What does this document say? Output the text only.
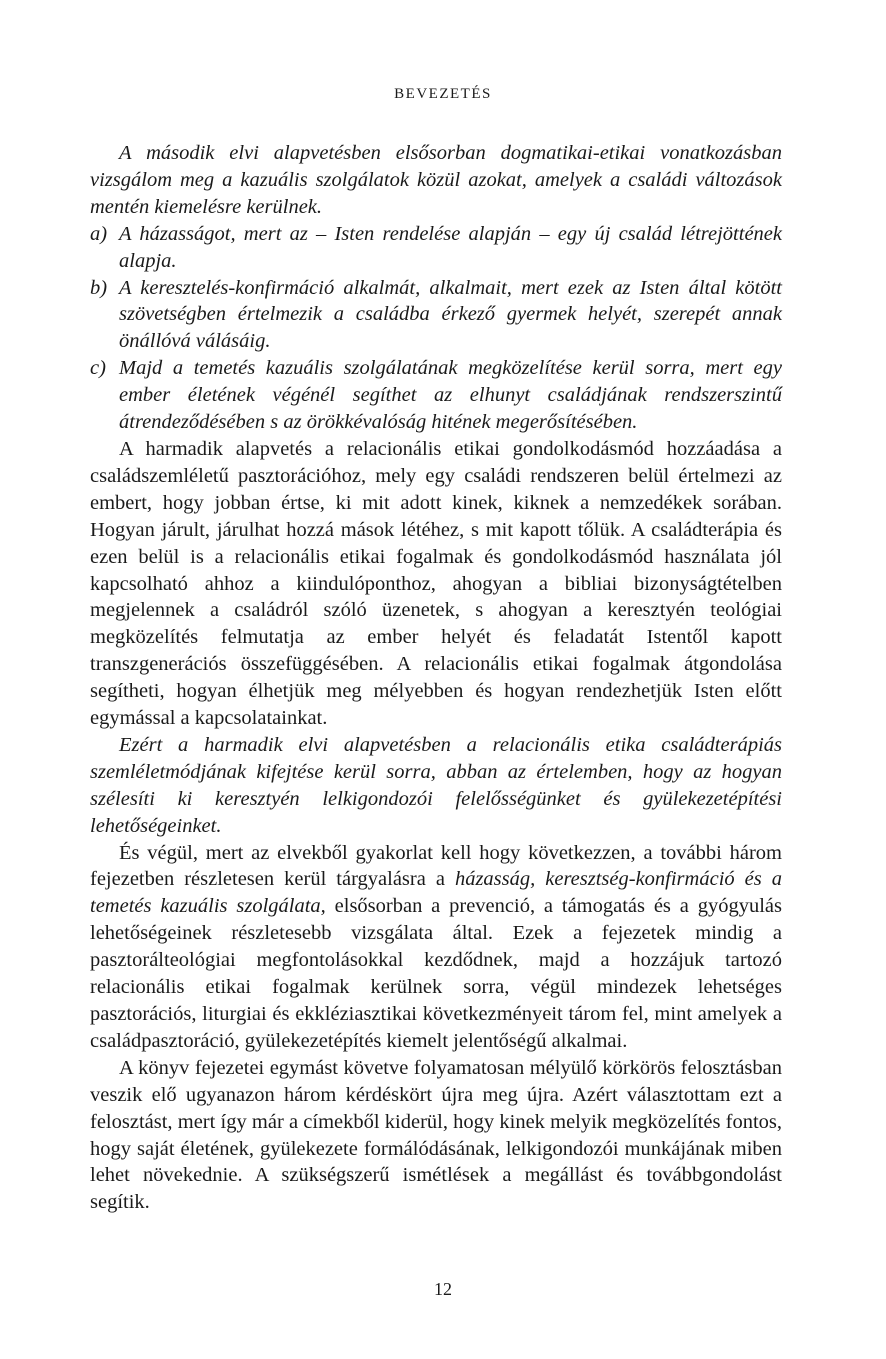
BEVEZETÉS

A második elvi alapvetésben elsősorban dogmatikai-etikai vonatkozásban vizsgálom meg a kazuális szolgálatok közül azokat, amelyek a családi változások mentén kiemelésre kerülnek.

a) A házasságot, mert az – Isten rendelése alapján – egy új család létrejöttének alapja.
b) A keresztelés-konfirmáció alkalmát, alkalmait, mert ezek az Isten által kötött szövetségben értelmezik a családba érkező gyermek helyét, szerepét annak önállóvá válásáig.
c) Majd a temetés kazuális szolgálatának megközelítése kerül sorra, mert egy ember életének végénél segíthet az elhunyt családjának rendszerszintű átrendeződésében s az örökkévalóság hitének megerősítésében.

A harmadik alapvetés a relacionális etikai gondolkodásmód hozzáadása a családszemléletű pasztorációhoz, mely egy családi rendszeren belül értelmezi az embert, hogy jobban értse, ki mit adott kinek, kiknek a nemzedékek sorában. Hogyan járult, járulhat hozzá mások létéhez, s mit kapott tőlük. A családterápia és ezen belül is a relacionális etikai fogalmak és gondolkodásmód használata jól kapcsolható ahhoz a kiindulóponthoz, ahogyan a bibliai bizonyságtételben megjelennek a családról szóló üzenetek, s ahogyan a keresztyén teológiai megközelítés felmutatja az ember helyét és feladatát Istentől kapott transzgenerációs összefüggésében. A relacionális etikai fogalmak átgondolása segítheti, hogyan élhetjük meg mélyebben és hogyan rendezhetjük Isten előtt egymással a kapcsolatainkat.

Ezért a harmadik elvi alapvetésben a relacionális etika családterápiás szemléletmódjának kifejtése kerül sorra, abban az értelemben, hogy az hogyan szélesíti ki keresztyén lelkigondozói felelősségünket és gyülekezetépítési lehetőségeinket.

És végül, mert az elvekből gyakorlat kell hogy következzen, a további három fejezetben részletesen kerül tárgyalásra a házasság, keresztség-konfirmáció és a temetés kazuális szolgálata, elsősorban a prevenció, a támogatás és a gyógyulás lehetőségeinek részletesebb vizsgálata által. Ezek a fejezetek mindig a pasztorálteológiai megfontolásokkal kezdődnek, majd a hozzájuk tartozó relacionális etikai fogalmak kerülnek sorra, végül mindezek lehetséges pasztorációs, liturgiai és ekkléziasztikai következményeit tárom fel, mint amelyek a családpasztoráció, gyülekezetépítés kiemelt jelentőségű alkalmai.

A könyv fejezetei egymást követve folyamatosan mélyülő körkörös felosztásban veszik elő ugyanazon három kérdéskört újra meg újra. Azért választottam ezt a felosztást, mert így már a címekből kiderül, hogy kinek melyik megközelítés fontos, hogy saját életének, gyülekezete formálódásának, lelkigondozói munkájának miben lehet növekednie. A szükségszerű ismétlések a megállást és továbbgondolást segítik.

12
